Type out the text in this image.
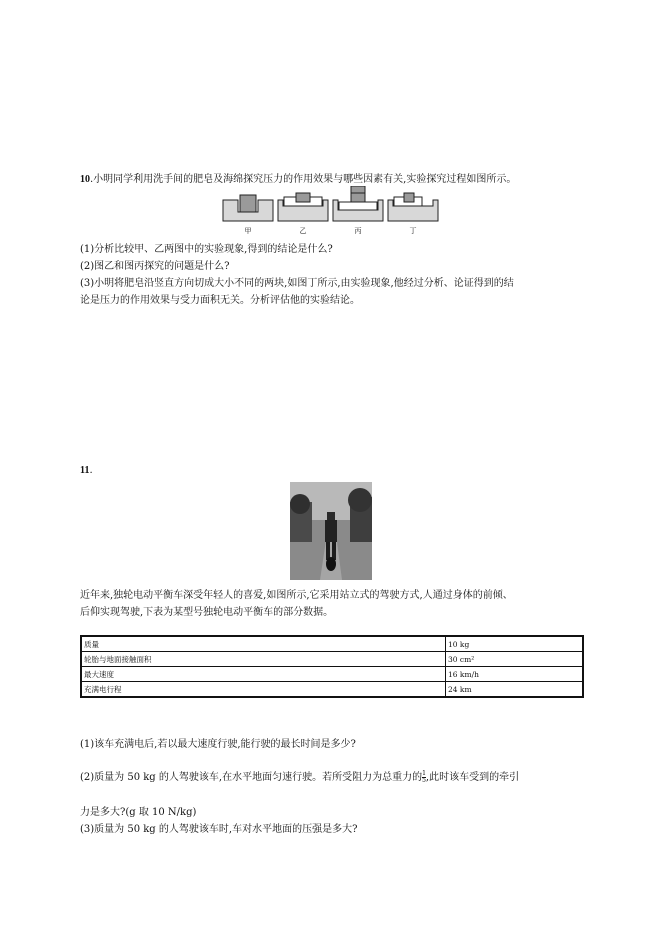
10.小明同学利用洗手间的肥皂及海绵探究压力的作用效果与哪些因素有关,实验探究过程如图所示。
甲	乙	丙	丁
(1)分析比较甲、乙两图中的实验现象,得到的结论是什么?
(2)图乙和图丙探究的问题是什么?
(3)小明将肥皂沿竖直方向切成大小不同的两块,如图丁所示,由实验现象,他经过分析、论证得到的结
论是压力的作用效果与受力面积无关。分析评估他的实验结论。
11.
近年来,独轮电动平衡车深受年轻人的喜爱,如图所示,它采用站立式的驾驶方式,人通过身体的前倾、
后仰实现驾驶,下表为某型号独轮电动平衡车的部分数据。
质量	10 kg
轮胎与地面接触面积	30 cm²
最大速度	16 km/h
充满电行程	24 km
(1)该车充满电后,若以最大速度行驶,能行驶的最长时间是多少?
(2)质量为 50 kg 的人驾驶该车,在水平地面匀速行驶。若所受阻力为总重力的 $\frac{1}{5}$ ,此时该车受到的牵引
力是多大?(g 取 10 N/kg)
(3)质量为 50 kg 的人驾驶该车时,车对水平地面的压强是多大?
